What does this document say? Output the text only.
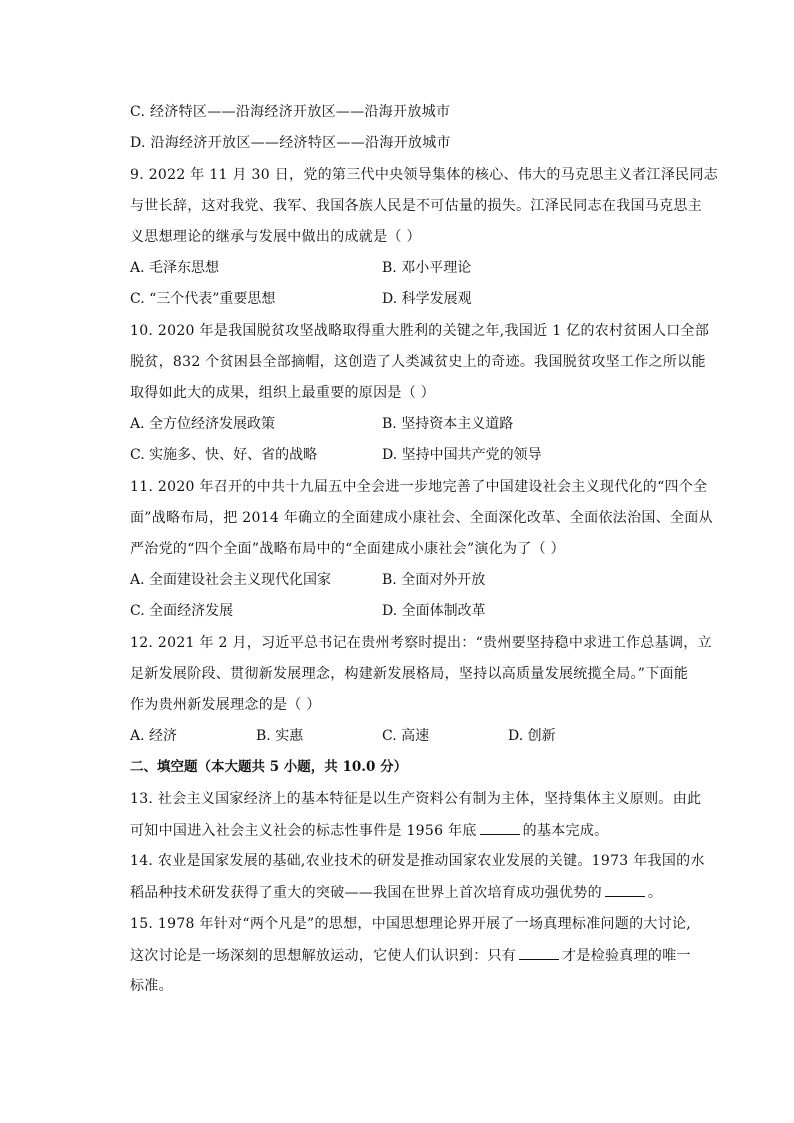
C. 经济特区——沿海经济开放区——沿海开放城市
D. 沿海经济开放区——经济特区——沿海开放城市
9. 2022 年 11 月 30 日，党的第三代中央领导集体的核心、伟大的马克思主义者江泽民同志
与世长辞，这对我党、我军、我国各族人民是不可估量的损失。江泽民同志在我国马克思主
义思想理论的继承与发展中做出的成就是（ ）
A. 毛泽东思想	B. 邓小平理论
C. “三个代表”重要思想	D. 科学发展观
10. 2020 年是我国脱贫攻坚战略取得重大胜利的关键之年,我国近 1 亿的农村贫困人口全部
脱贫，832 个贫困县全部摘帽，这创造了人类减贫史上的奇迹。我国脱贫攻坚工作之所以能
取得如此大的成果，组织上最重要的原因是（ ）
A. 全方位经济发展政策	B. 坚持资本主义道路
C. 实施多、快、好、省的战略	D. 坚持中国共产党的领导
11. 2020 年召开的中共十九届五中全会进一步地完善了中国建设社会主义现代化的“四个全
面”战略布局，把 2014 年确立的全面建成小康社会、全面深化改革、全面依法治国、全面从
严治党的“四个全面”战略布局中的“全面建成小康社会”演化为了（ ）
A. 全面建设社会主义现代化国家	B. 全面对外开放
C. 全面经济发展	D. 全面体制改革
12. 2021 年 2 月，习近平总书记在贵州考察时提出：“贵州要坚持稳中求进工作总基调，立
足新发展阶段、贯彻新发展理念，构建新发展格局，坚持以高质量发展统揽全局。”下面能
作为贵州新发展理念的是（ ）
A. 经济	B. 实惠	C. 高速	D. 创新
二、填空题（本大题共 5 小题，共 10.0 分）
13. 社会主义国家经济上的基本特征是以生产资料公有制为主体，坚持集体主义原则。由此
可知中国进入社会主义社会的标志性事件是 1956 年底	的基本完成。
14. 农业是国家发展的基础,农业技术的研发是推动国家农业发展的关键。1973 年我国的水
稻品种技术研发获得了重大的突破——我国在世界上首次培育成功强优势的	。
15. 1978 年针对“两个凡是”的思想，中国思想理论界开展了一场真理标准问题的大讨论,
这次讨论是一场深刻的思想解放运动，它使人们认识到：只有	才是检验真理的唯一
标准。
